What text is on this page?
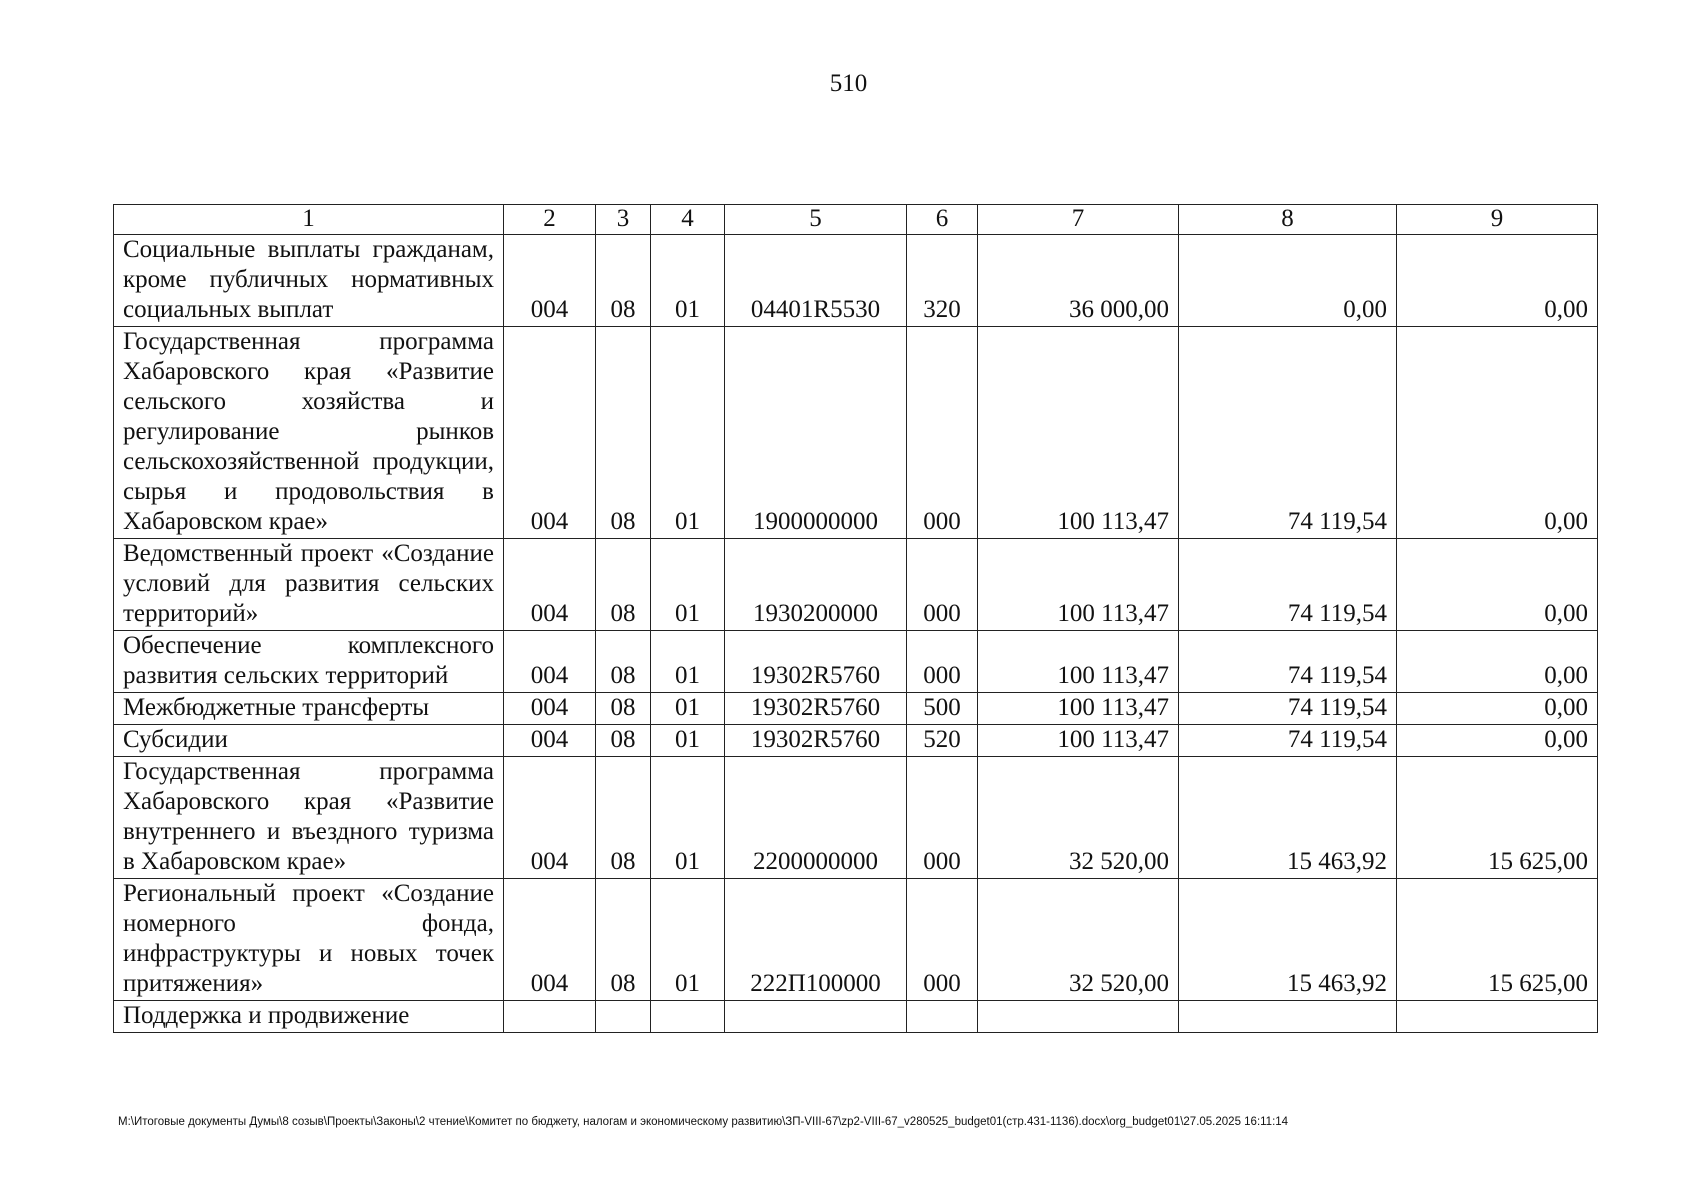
510
1	2	3	4	5	6	7	8	9
Социальные выплаты гражданам, кроме публичных нормативных социальных выплат	004	08	01	04401R5530	320	36 000,00	0,00	0,00
Государственная программа Хабаровского края «Развитие сельского хозяйства и регулирование рынков сельскохозяйственной продукции, сырья и продовольствия в Хабаровском крае»	004	08	01	1900000000	000	100 113,47	74 119,54	0,00
Ведомственный проект «Создание условий для развития сельских территорий»	004	08	01	1930200000	000	100 113,47	74 119,54	0,00
Обеспечение комплексного развития сельских территорий	004	08	01	19302R5760	000	100 113,47	74 119,54	0,00
Межбюджетные трансферты	004	08	01	19302R5760	500	100 113,47	74 119,54	0,00
Субсидии	004	08	01	19302R5760	520	100 113,47	74 119,54	0,00
Государственная программа Хабаровского края «Развитие внутреннего и въездного туризма в Хабаровском крае»	004	08	01	2200000000	000	32 520,00	15 463,92	15 625,00
Региональный проект «Создание номерного фонда, инфраструктуры и новых точек притяжения»	004	08	01	222П100000	000	32 520,00	15 463,92	15 625,00
Поддержка и продвижение								
M:\Итоговые документы Думы\8 созыв\Проекты\Законы\2 чтение\Комитет по бюджету, налогам и экономическому развитию\ЗП-VIII-67\zp2-VIII-67_v280525_budget01(стр.431-1136).docx\org_budget01\27.05.2025 16:11:14
